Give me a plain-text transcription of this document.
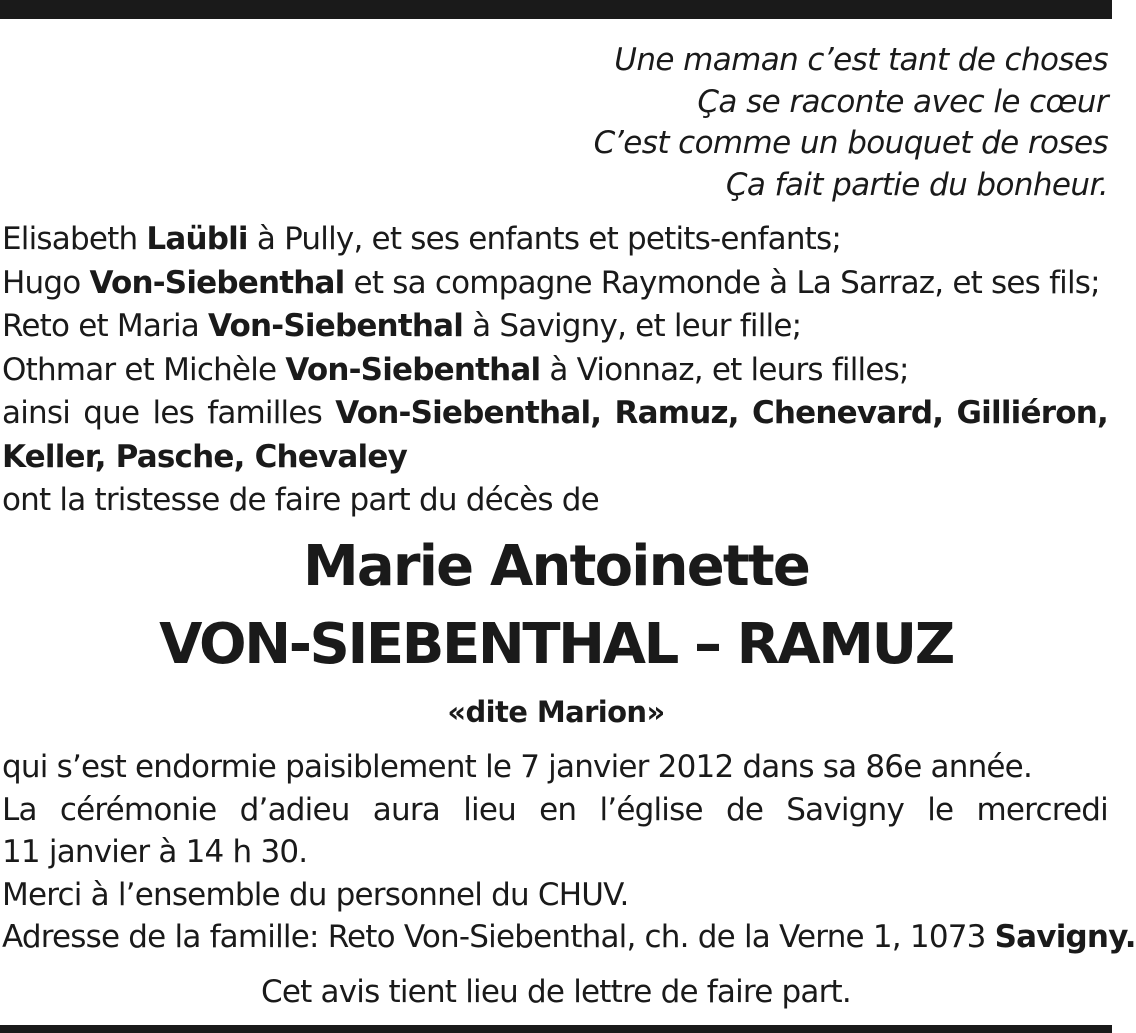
Une maman c’est tant de choses
Ça se raconte avec le cœur
C’est comme un bouquet de roses
Ça fait partie du bonheur.
Elisabeth Laübli à Pully, et ses enfants et petits-enfants;
Hugo Von-Siebenthal et sa compagne Raymonde à La Sarraz, et ses fils;
Reto et Maria Von-Siebenthal à Savigny, et leur fille;
Othmar et Michèle Von-Siebenthal à Vionnaz, et leurs filles;
ainsi que les familles Von-Siebenthal, Ramuz, Chenevard, Gilliéron,
Keller, Pasche, Chevaley
ont la tristesse de faire part du décès de
Marie Antoinette
VON-SIEBENTHAL – RAMUZ
«dite Marion»
qui s’est endormie paisiblement le 7 janvier 2012 dans sa 86e année.
La cérémonie d’adieu aura lieu en l’église de Savigny le mercredi
11 janvier à 14 h 30.
Merci à l’ensemble du personnel du CHUV.
Adresse de la famille: Reto Von-Siebenthal, ch. de la Verne 1, 1073 Savigny.
Cet avis tient lieu de lettre de faire part.
